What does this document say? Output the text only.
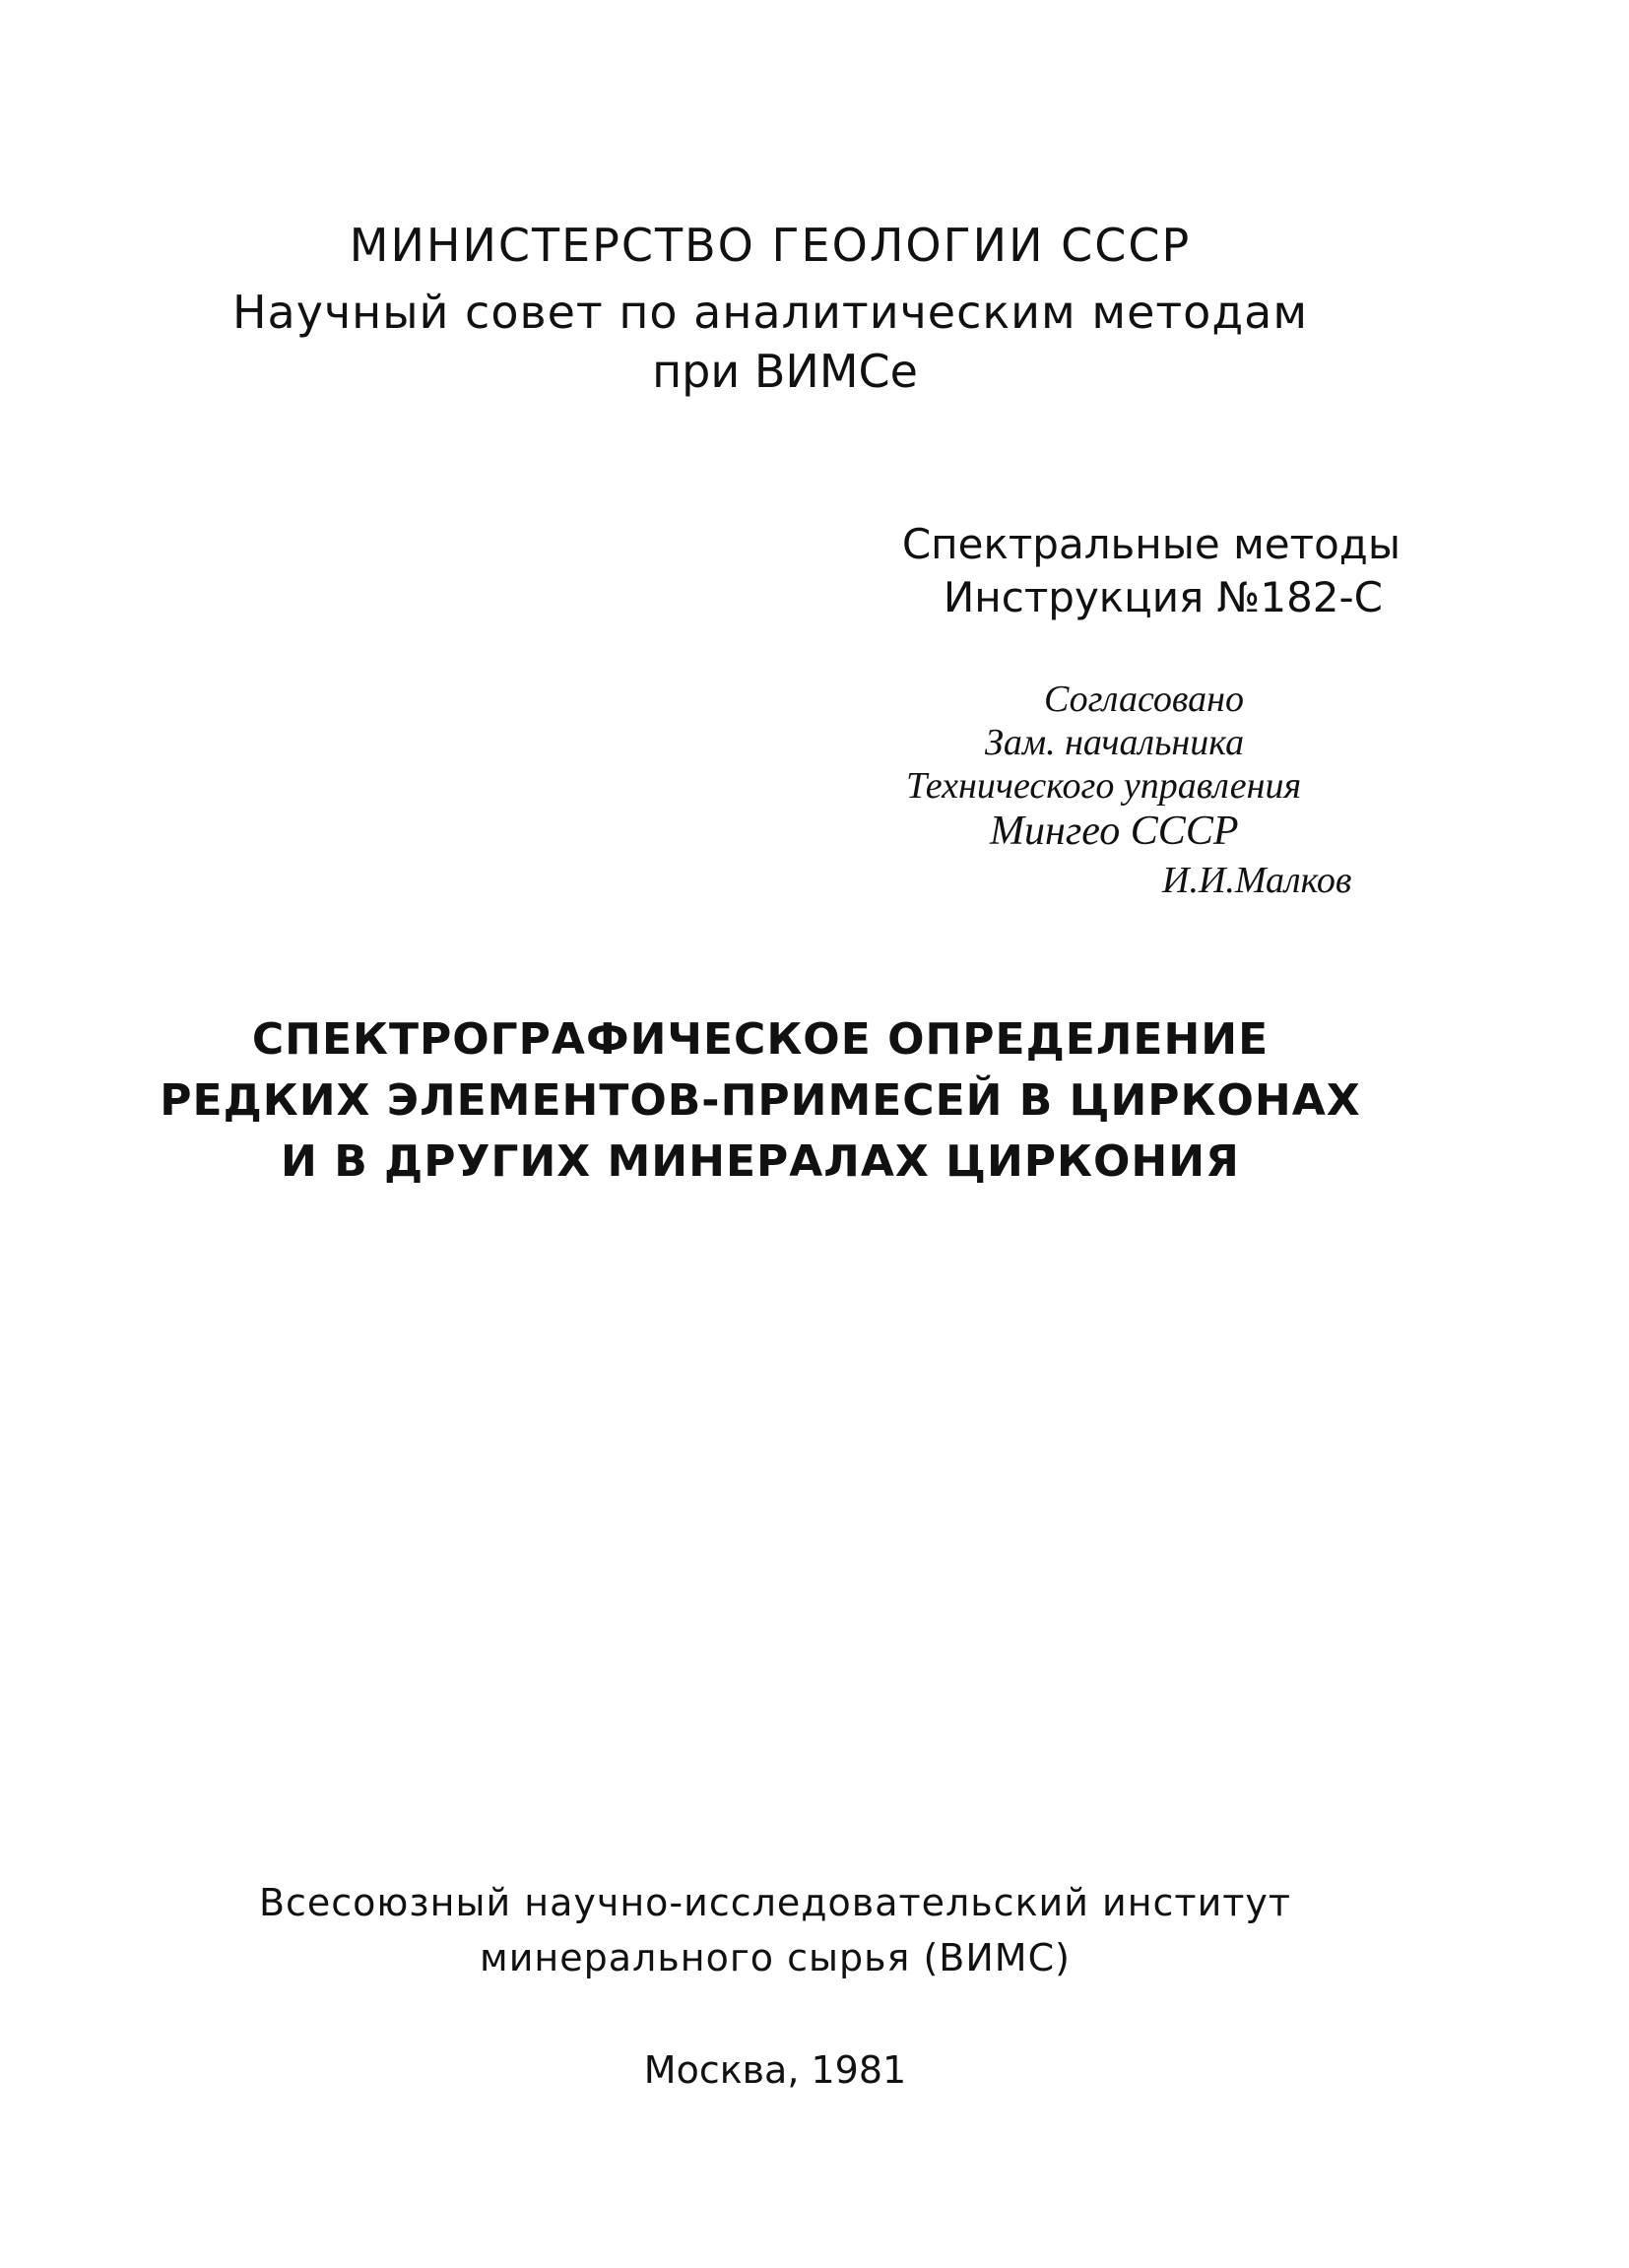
МИНИСТЕРСТВО ГЕОЛОГИИ СССР

Научный совет по аналитическим методам

при ВИМСе

Спектральные методы

Инструкция №182-С

Согласовано

Зам. начальника

Технического управления

Мингео СССР

И.И.Малков

СПЕКТРОГРАФИЧЕСКОЕ ОПРЕДЕЛЕНИЕ

РЕДКИХ ЭЛЕМЕНТОВ-ПРИМЕСЕЙ В ЦИРКОНАХ

И В ДРУГИХ МИНЕРАЛАХ ЦИРКОНИЯ

Всесоюзный научно-исследовательский институт

минерального сырья (ВИМС)

Москва, 1981
